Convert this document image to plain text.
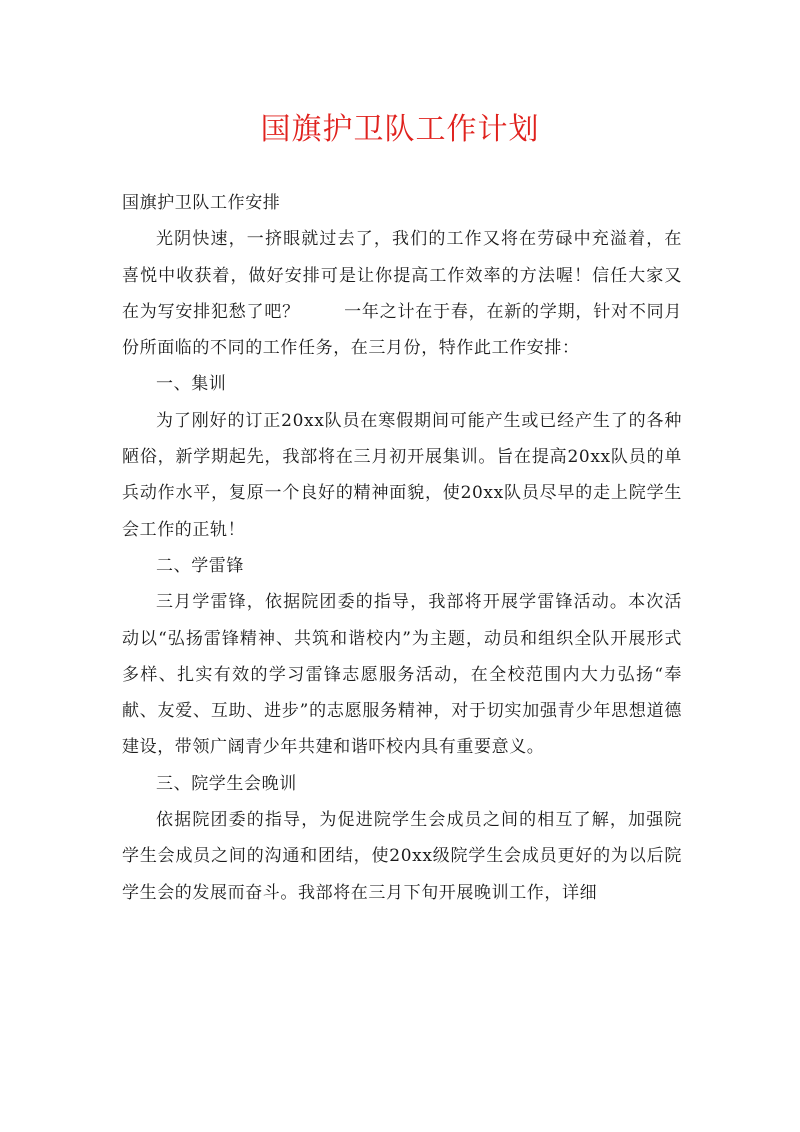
国旗护卫队工作计划

国旗护卫队工作安排

光阴快速，一挤眼就过去了，我们的工作又将在劳碌中充溢着，在喜悦中收获着，做好安排可是让你提高工作效率的方法喔！信任大家又在为写安排犯愁了吧？	一年之计在于春，在新的学期，针对不同月份所面临的不同的工作任务，在三月份，特作此工作安排：

一、集训

为了刚好的订正20xx队员在寒假期间可能产生或已经产生了的各种陋俗，新学期起先，我部将在三月初开展集训。旨在提高20xx队员的单兵动作水平，复原一个良好的精神面貌，使20xx队员尽早的走上院学生会工作的正轨！

二、学雷锋

三月学雷锋，依据院团委的指导，我部将开展学雷锋活动。本次活动以“弘扬雷锋精神、共筑和谐校内”为主题，动员和组织全队开展形式多样、扎实有效的学习雷锋志愿服务活动，在全校范围内大力弘扬“奉献、友爱、互助、进步”的志愿服务精神，对于切实加强青少年思想道德建设，带领广阔青少年共建和谐吓校内具有重要意义。

三、院学生会晚训

依据院团委的指导，为促进院学生会成员之间的相互了解，加强院学生会成员之间的沟通和团结，使20xx级院学生会成员更好的为以后院学生会的发展而奋斗。我部将在三月下旬开展晚训工作，详细
